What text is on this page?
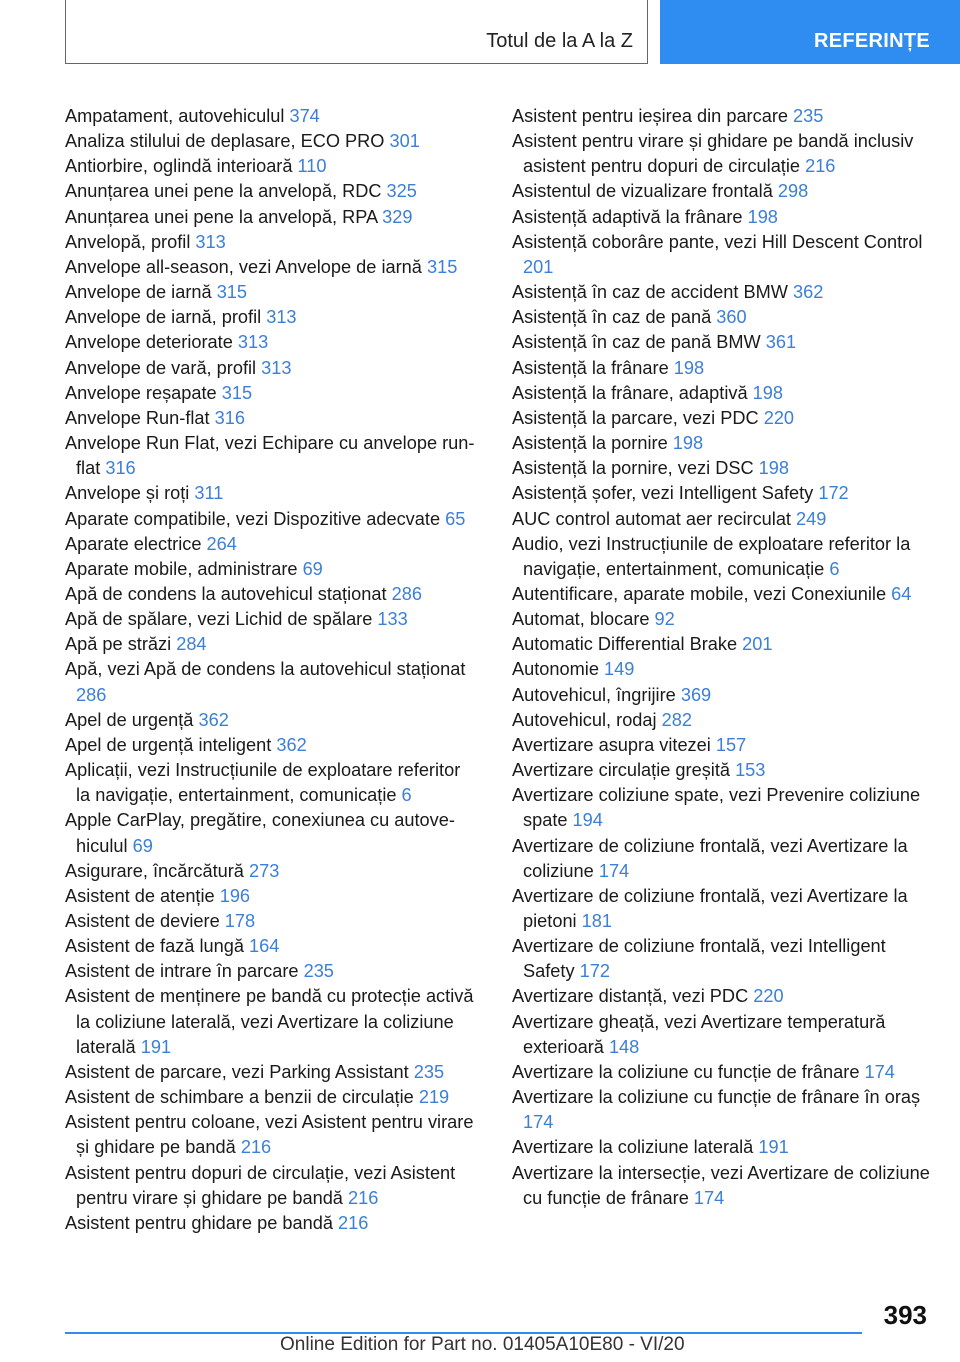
Totul de la A la Z	REFERINȚE
Ampatament, autovehiculul 374
Analiza stilului de deplasare, ECO PRO 301
Antiorbire, oglindă interioară 110
Anunțarea unei pene la anvelopă, RDC 325
Anunțarea unei pene la anvelopă, RPA 329
Anvelopă, profil 313
Anvelope all-season, vezi Anvelope de iarnă 315
Anvelope de iarnă 315
Anvelope de iarnă, profil 313
Anvelope deteriorate 313
Anvelope de vară, profil 313
Anvelope reșapate 315
Anvelope Run-flat 316
Anvelope Run Flat, vezi Echipare cu anvelope run-flat 316
Anvelope și roți 311
Aparate compatibile, vezi Dispozitive adecvate 65
Aparate electrice 264
Aparate mobile, administrare 69
Apă de condens la autovehicul staționat 286
Apă de spălare, vezi Lichid de spălare 133
Apă pe străzi 284
Apă, vezi Apă de condens la autovehicul staționat 286
Apel de urgență 362
Apel de urgență inteligent 362
Aplicații, vezi Instrucțiunile de exploatare referitor la navigație, entertainment, comunicație 6
Apple CarPlay, pregătire, conexiunea cu autovehiculul 69
Asigurare, încărcătură 273
Asistent de atenție 196
Asistent de deviere 178
Asistent de fază lungă 164
Asistent de intrare în parcare 235
Asistent de menținere pe bandă cu protecție activă la coliziune laterală, vezi Avertizare la coliziune laterală 191
Asistent de parcare, vezi Parking Assistant 235
Asistent de schimbare a benzii de circulație 219
Asistent pentru coloane, vezi Asistent pentru virare și ghidare pe bandă 216
Asistent pentru dopuri de circulație, vezi Asistent pentru virare și ghidare pe bandă 216
Asistent pentru ghidare pe bandă 216
Asistent pentru ieșirea din parcare 235
Asistent pentru virare și ghidare pe bandă inclusiv asistent pentru dopuri de circulație 216
Asistentul de vizualizare frontală 298
Asistență adaptivă la frânare 198
Asistență coborâre pante, vezi Hill Descent Control 201
Asistență în caz de accident BMW 362
Asistență în caz de pană 360
Asistență în caz de pană BMW 361
Asistență la frânare 198
Asistență la frânare, adaptivă 198
Asistență la parcare, vezi PDC 220
Asistență la pornire 198
Asistență la pornire, vezi DSC 198
Asistență șofer, vezi Intelligent Safety 172
AUC control automat aer recirculat 249
Audio, vezi Instrucțiunile de exploatare referitor la navigație, entertainment, comunicație 6
Autentificare, aparate mobile, vezi Conexiunile 64
Automat, blocare 92
Automatic Differential Brake 201
Autonomie 149
Autovehicul, îngrijire 369
Autovehicul, rodaj 282
Avertizare asupra vitezei 157
Avertizare circulație greșită 153
Avertizare coliziune spate, vezi Prevenire coliziune spate 194
Avertizare de coliziune frontală, vezi Avertizare la coliziune 174
Avertizare de coliziune frontală, vezi Avertizare la pietoni 181
Avertizare de coliziune frontală, vezi Intelligent Safety 172
Avertizare distanță, vezi PDC 220
Avertizare gheață, vezi Avertizare temperatură exterioară 148
Avertizare la coliziune cu funcție de frânare 174
Avertizare la coliziune cu funcție de frânare în oraș 174
Avertizare la coliziune laterală 191
Avertizare la intersecție, vezi Avertizare de coliziune cu funcție de frânare 174
393
Online Edition for Part no. 01405A10E80 - VI/20
